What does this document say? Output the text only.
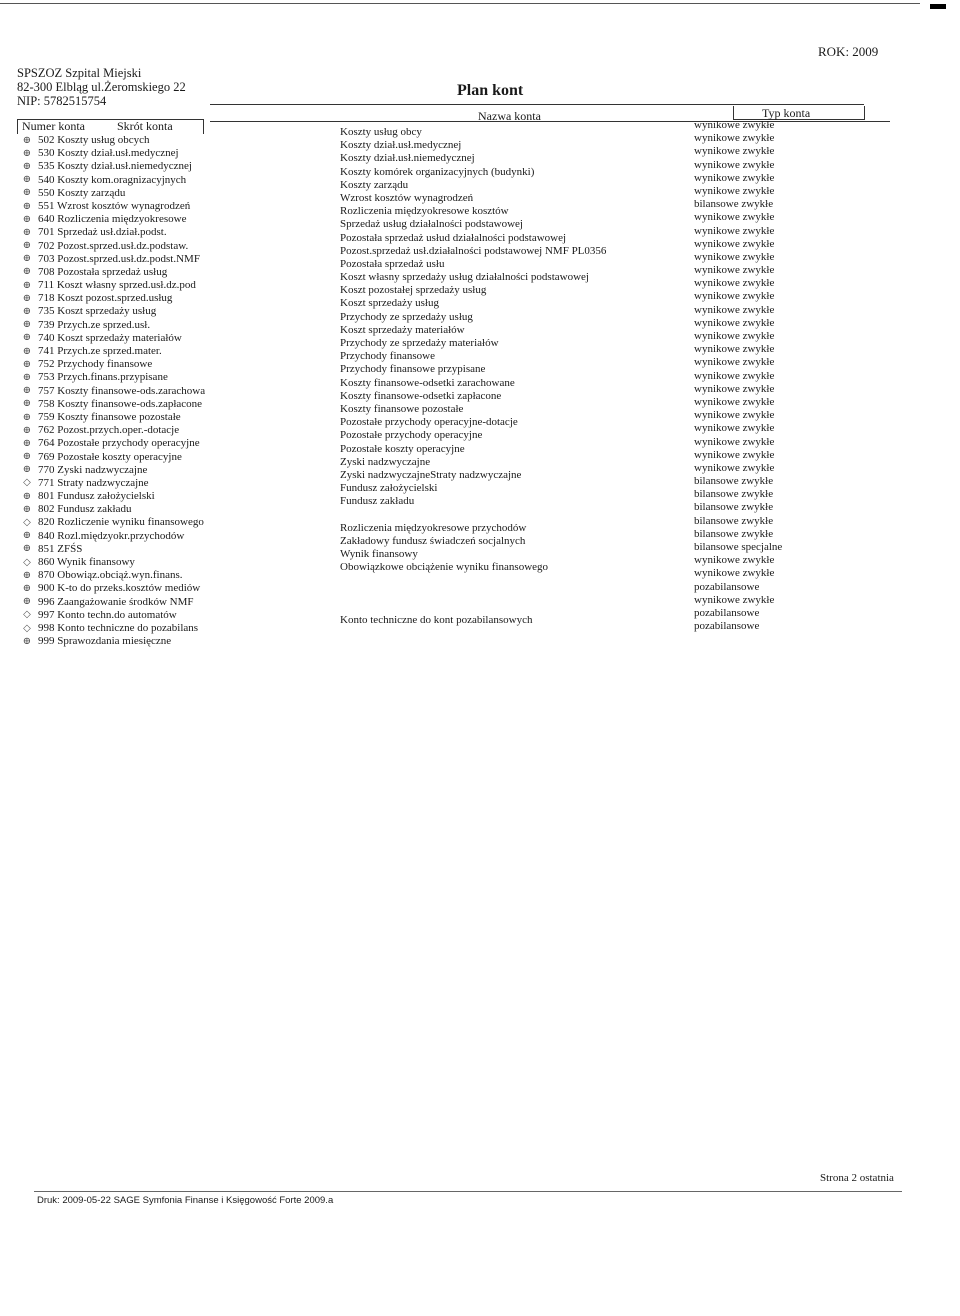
ROK: 2009
SPSZOZ Szpital Miejski
82-300 Elbląg ul.Żeromskiego 22
NIP: 5782515754
Plan kont
Numer konta	Skrót konta
Nazwa konta	Typ konta
⊕ 502 Koszty usług obcych
⊕ 530 Koszty dział.usł.medycznej
⊕ 535 Koszty dział.usł.niemedycznej
⊕ 540 Koszty kom.oragnizacyjnych
⊕ 550 Koszty zarządu
⊕ 551 Wzrost kosztów wynagrodzeń
⊕ 640 Rozliczenia międzyokresowe
⊕ 701 Sprzedaż usł.dział.podst.
⊕ 702 Pozost.sprzed.usł.dz.podstaw.
⊕ 703 Pozost.sprzed.usł.dz.podst.NMF
⊕ 708 Pozostała sprzedaż usług
⊕ 711 Koszt własny sprzed.usł.dz.pod
⊕ 718 Koszt pozost.sprzed.usług
⊕ 735 Koszt sprzedaży usług
⊕ 739 Przych.ze sprzed.usł.
⊕ 740 Koszt sprzedaży materiałów
⊕ 741 Przych.ze sprzed.mater.
⊕ 752 Przychody finansowe
⊕ 753 Przych.finans.przypisane
⊕ 757 Koszty finansowe-ods.zarachowa
⊕ 758 Koszty finansowe-ods.zapłacone
⊕ 759 Koszty finansowe pozostałe
⊕ 762 Pozost.przych.oper.-dotacje
⊕ 764 Pozostałe przychody operacyjne
⊕ 769 Pozostałe koszty operacyjne
⊕ 770 Zyski nadzwyczajne
◇ 771 Straty nadzwyczajne
⊕ 801 Fundusz założycielski
⊕ 802 Fundusz zakładu
◇ 820 Rozliczenie wyniku finansowego
⊕ 840 Rozl.międzyokr.przychodów
⊕ 851 ZFŚS
◇ 860 Wynik finansowy
⊕ 870 Obowiąz.obciąż.wyn.finans.
⊕ 900 K-to do przeks.kosztów mediów
⊕ 996 Zaangażowanie środków NMF
◇ 997 Konto techn.do automatów
◇ 998 Konto techniczne do pozabilans
⊕ 999 Sprawozdania miesięczne
Koszty usług obcy
Koszty dział.usł.medycznej
Koszty dział.usł.niemedycznej
Koszty komórek organizacyjnych (budynki)
Koszty zarządu
Wzrost kosztów wynagrodzeń
Rozliczenia międzyokresowe kosztów
Sprzedaż usług działalności podstawowej
Pozostała sprzedaż usłud działalności podstawowej
Pozost.sprzedaż usł.działalności podstawowej NMF PL0356
Pozostała sprzedaż usłu
Koszt własny sprzedaży usług działalności podstawowej
Koszt pozostałej sprzedaży usług
Koszt sprzedaży usług
Przychody ze sprzedaży usług
Koszt sprzedaży materiałów
Przychody ze sprzedaży materiałów
Przychody finansowe
Przychody finansowe przypisane
Koszty finansowe-odsetki zarachowane
Koszty finansowe-odsetki zapłacone
Koszty finansowe pozostałe
Pozostałe przychody operacyjne-dotacje
Pozostałe przychody operacyjne
Pozostałe koszty operacyjne
Zyski nadzwyczajne
Zyski nadzwyczajneStraty nadzwyczajne
Fundusz założycielski
Fundusz zakładu
Rozliczenia międzyokresowe przychodów
Zakładowy fundusz świadczeń socjalnych
Wynik finansowy
Obowiązkowe obciążenie wyniku finansowego
Konto techniczne do kont pozabilansowych
wynikowe zwykłe
wynikowe zwykłe
wynikowe zwykłe
wynikowe zwykłe
wynikowe zwykłe
wynikowe zwykłe
bilansowe zwykłe
wynikowe zwykłe
wynikowe zwykłe
wynikowe zwykłe
wynikowe zwykłe
wynikowe zwykłe
wynikowe zwykłe
wynikowe zwykłe
wynikowe zwykłe
wynikowe zwykłe
wynikowe zwykłe
wynikowe zwykłe
wynikowe zwykłe
wynikowe zwykłe
wynikowe zwykłe
wynikowe zwykłe
wynikowe zwykłe
wynikowe zwykłe
wynikowe zwykłe
wynikowe zwykłe
wynikowe zwykłe
bilansowe zwykłe
bilansowe zwykłe
bilansowe zwykłe
bilansowe zwykłe
bilansowe zwykłe
bilansowe specjalne
wynikowe zwykłe
wynikowe zwykłe
pozabilansowe
wynikowe zwykłe
pozabilansowe
pozabilansowe
Druk: 2009-05-22 SAGE Symfonia Finanse i Księgowość Forte 2009.a
Strona 2 ostatnia
